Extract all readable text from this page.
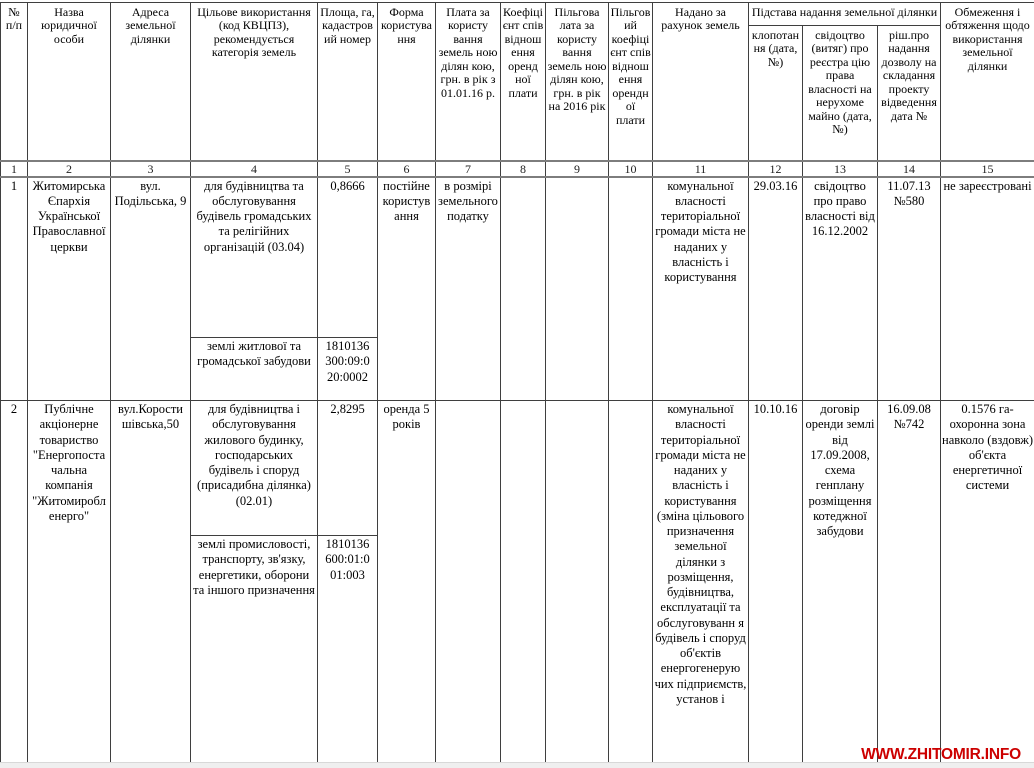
№ п/п	Назва юридичної особи	Адреса земельної ділянки	Цільове використання (код КВЦПЗ), рекомендується категорія земель	Площа, га, кадастров ий номер	Форма користува ння	Плата за користу вання земель ною ділян кою, грн. в рік з 01.01.16 р.	Коефіці єнт спів віднош ення оренд ної плати	Пільгова лата за користу вання земель ною ділян кою, грн. в рік на 2016 рік	Пільгов ий коефіці єнт спів віднош ення орендн ої плати	Надано за рахунок земель	Підстава надання земельної ділянки			Обмеження і обтяження щодо використання земельної ділянки
											клопотан ня (дата, №)	свідоцтво (витяг) про реєстра цію права власності на нерухоме майно (дата, №)	ріш.про надання дозволу на складання проекту відведення дата №	
1	2	3	4	5	6	7	8	9	10	11	12	13	14	15
1	Житомирська Єпархія Української Православної церкви	вул. Подільська, 9	для будівництва та обслуговування будівель громадських та релігійних організацій (03.04)	0,8666	постійне користув ання	в розмірі земельного податку				комунальної власності територіальної громади міста не наданих у власність і користування	29.03.16	свідоцтво про право власності від 16.12.2002	11.07.13 №580	не зареєстровані
			землі житлової та громадської забудови	1810136 300:09:0 20:0002										
2	Публічне акціонерне товариство "Енергопоста чальна компанія "Житомиробл енерго"	вул.Корости шівська,50	для будівництва і обслуговування жилового будинку, господарських будівель і споруд (присадибна ділянка) (02.01)	2,8295	оренда 5 років					комунальної власності територіальної громади міста не наданих у власність і користування (зміна цільового призначення земельної ділянки з розміщення, будівництва, експлуатації та обслуговуванн я будівель і споруд об'єктів енергогенерую чих підприємств, установ і	10.10.16	договір оренди землі від 17.09.2008, схема генплану розміщення котеджної забудови	16.09.08 №742	0.1576 га-охоронна зона навколо (вздовж) об'єкта енергетичної системи
			землі промисловості, транспорту, зв'язку, енергетики, оборони та іншого призначення	1810136 600:01:0 01:003										
WWW.ZHITOMIR.INFO
